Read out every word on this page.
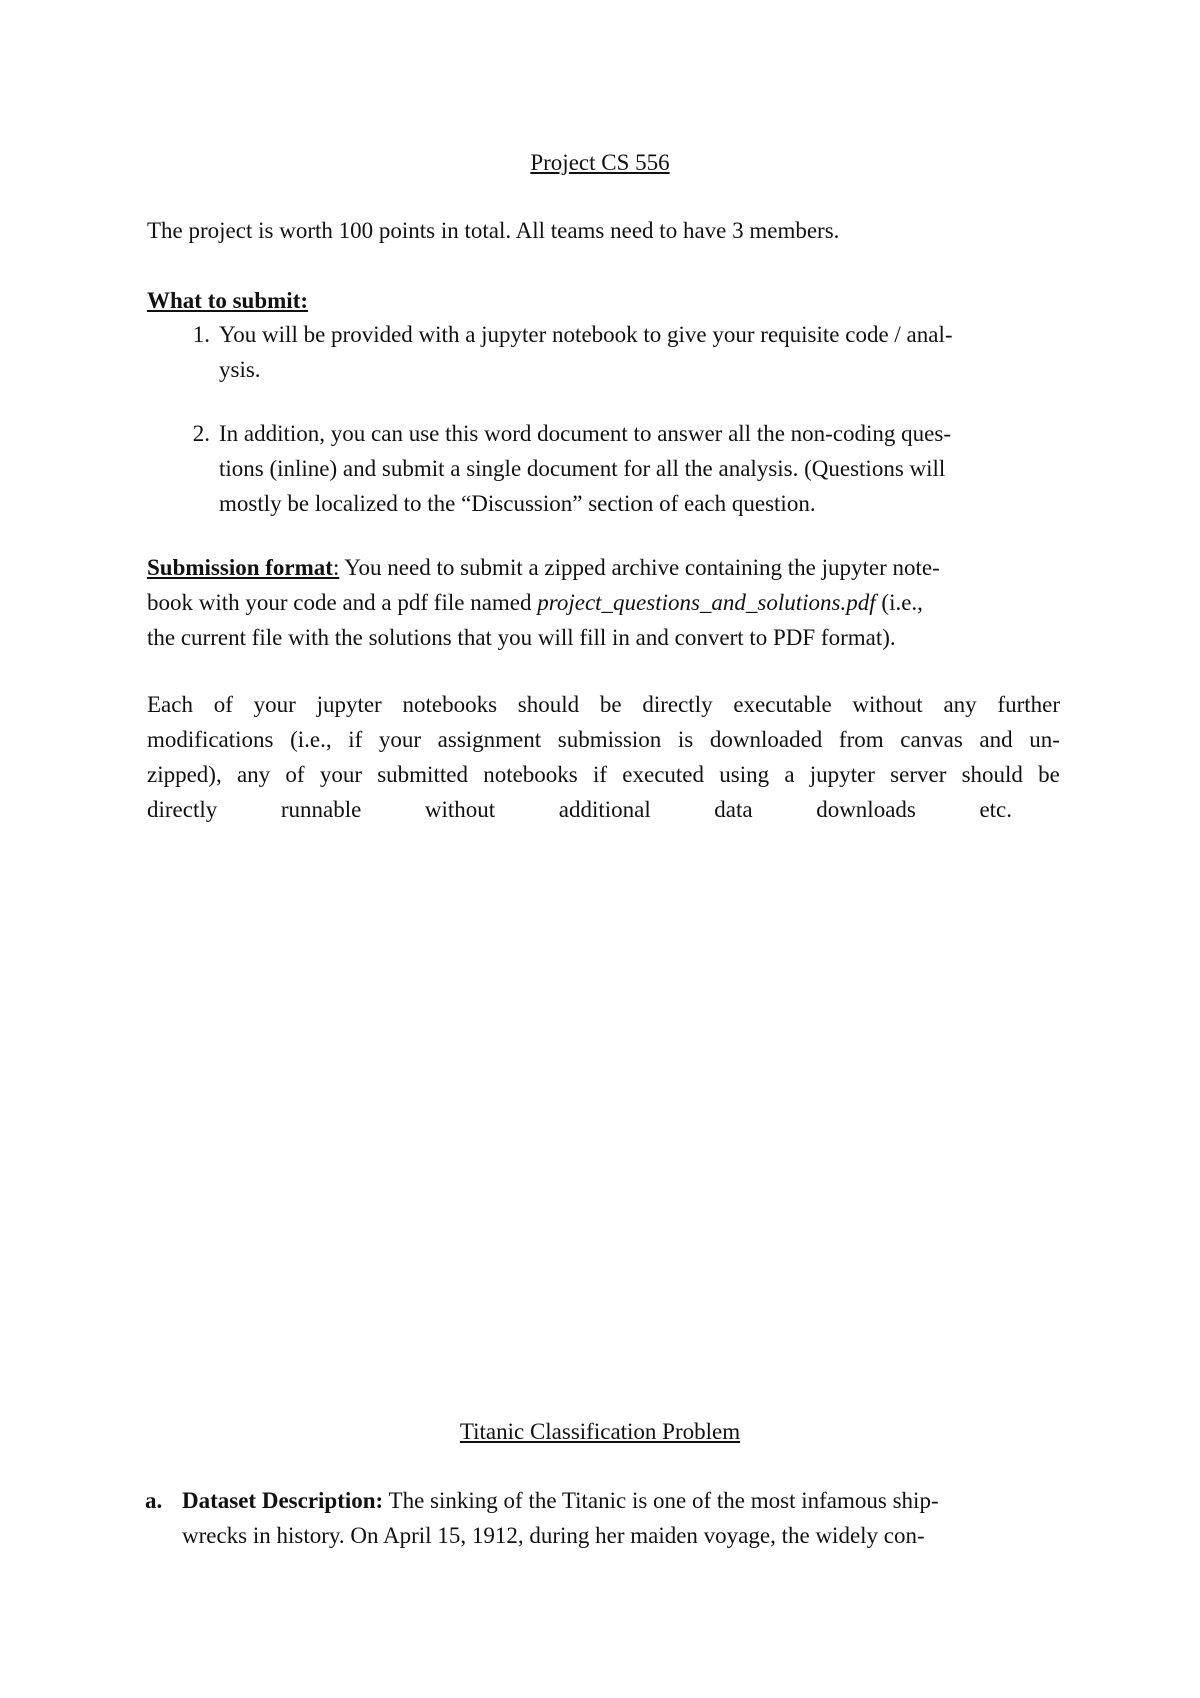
Project CS 556
The project is worth 100 points in total. All teams need to have 3 members.
What to submit:
1. You will be provided with a jupyter notebook to give your requisite code / anal-
ysis.
2. In addition, you can use this word document to answer all the non-coding ques-
tions (inline) and submit a single document for all the analysis. (Questions will
mostly be localized to the “Discussion” section of each question.
Submission format: You need to submit a zipped archive containing the jupyter note-
book with your code and a pdf file named project_questions_and_solutions.pdf (i.e.,
the current file with the solutions that you will fill in and convert to PDF format).
Each of your jupyter notebooks should be directly executable without any further
modifications (i.e., if your assignment submission is downloaded from canvas and un-
zipped), any of your submitted notebooks if executed using a jupyter server should be
directly	runnable	without	additional	data	downloads	etc.
Titanic Classification Problem
a. Dataset Description: The sinking of the Titanic is one of the most infamous ship-
wrecks in history. On April 15, 1912, during her maiden voyage, the widely con-
